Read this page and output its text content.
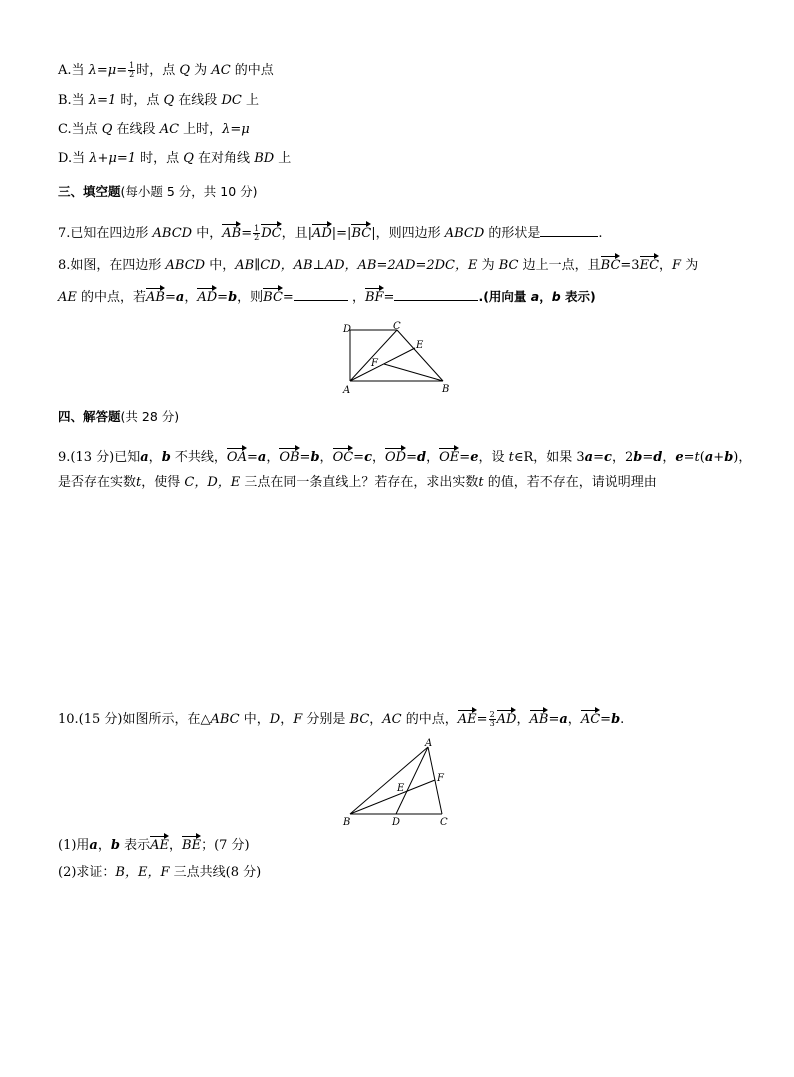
A.当 $\lambda=\mu= \frac{1}{2}$ 时，点 Q 为 AC 的中点
B.当 λ=1 时，点 Q 在线段 DC 上
C.当点 Q 在线段 AC 上时，λ=μ
D.当 λ+μ=1 时，点 Q 在对角线 BD 上
三、填空题(每小题 5 分，共 10 分)
7.已知在四边形 ABCD 中，$AB= \frac{1}{2}$ DC，且|AD|=|BC|，则四边形 ABCD 的形状是	.
8.如图，在四边形 ABCD 中，AB∥CD，AB⊥AD，AB=2AD=2DC，E 为 BC 边上一点，且BC=3EC，F 为
AE 的中点，若AB=a，AD=b，则BC=	，BF=	.(用向量 a，b 表示)
D	C
E
F
A	B
四、解答题(共 28 分)
9.(13 分)已知a，b 不共线，OA=a，OB=b，OC=c，OD=d，OE=e，设 t∈R，如果 3a=c，2b=d，e=t(a+b)，
是否存在实数t，使得 C，D，E 三点在同一条直线上？若存在，求出实数t 的值，若不存在，请说明理由
10.(15 分)如图所示，在△ABC 中，D，F 分别是 BC，AC 的中点，$AE= \frac{2}{3}$ AD，AB=a，AC=b.
A
F
E
B	D	C
(1)用a，b 表示AE，BE；(7 分)
(2)求证：B，E，F 三点共线(8 分)
